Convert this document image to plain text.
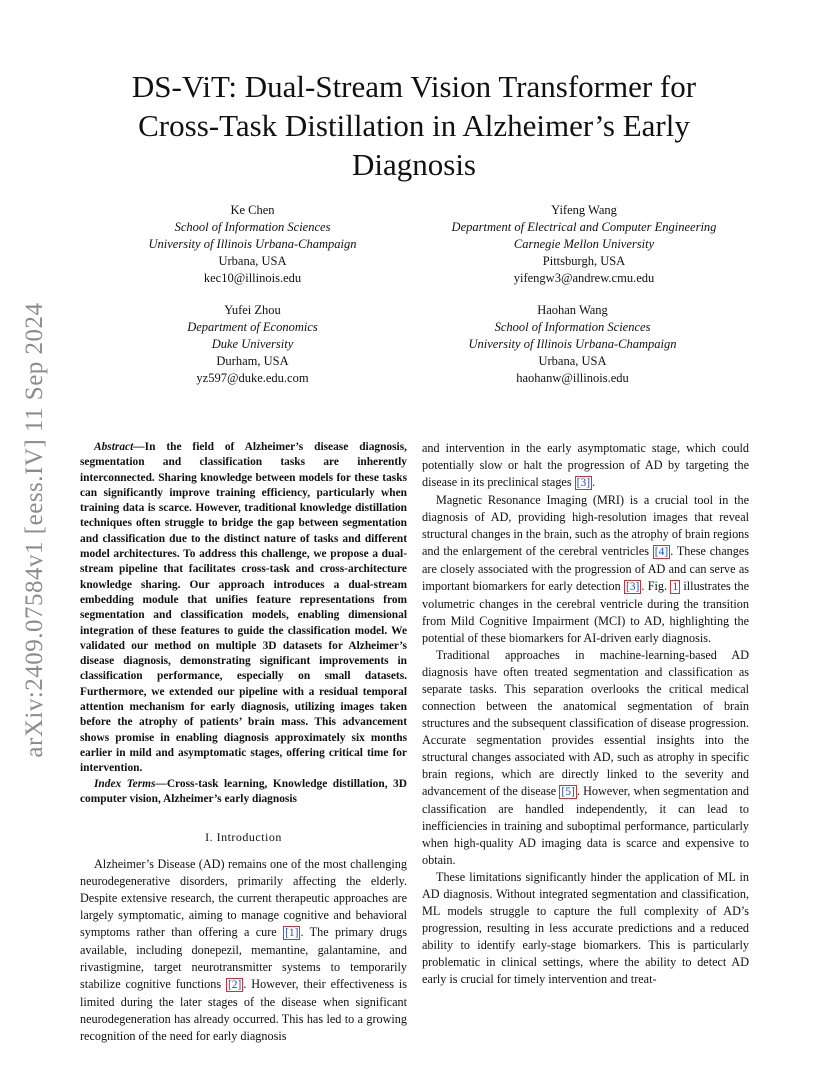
arXiv:2409.07584v1 [eess.IV] 11 Sep 2024
DS-ViT: Dual-Stream Vision Transformer for Cross-Task Distillation in Alzheimer’s Early Diagnosis
Ke Chen
School of Information Sciences
University of Illinois Urbana-Champaign
Urbana, USA
kec10@illinois.edu
Yifeng Wang
Department of Electrical and Computer Engineering
Carnegie Mellon University
Pittsburgh, USA
yifengw3@andrew.cmu.edu
Yufei Zhou
Department of Economics
Duke University
Durham, USA
yz597@duke.edu.com
Haohan Wang
School of Information Sciences
University of Illinois Urbana-Champaign
Urbana, USA
haohanw@illinois.edu

Abstract—In the field of Alzheimer’s disease diagnosis, segmentation and classification tasks are inherently interconnected. Sharing knowledge between models for these tasks can significantly improve training efficiency, particularly when training data is scarce. However, traditional knowledge distillation techniques often struggle to bridge the gap between segmentation and classification due to the distinct nature of tasks and different model architectures. To address this challenge, we propose a dual-stream pipeline that facilitates cross-task and cross-architecture knowledge sharing. Our approach introduces a dual-stream embedding module that unifies feature representations from segmentation and classification models, enabling dimensional integration of these features to guide the classification model. We validated our method on multiple 3D datasets for Alzheimer’s disease diagnosis, demonstrating significant improvements in classification performance, especially on small datasets. Furthermore, we extended our pipeline with a residual temporal attention mechanism for early diagnosis, utilizing images taken before the atrophy of patients’ brain mass. This advancement shows promise in enabling diagnosis approximately six months earlier in mild and asymptomatic stages, offering critical time for intervention.

Index Terms—Cross-task learning, Knowledge distillation, 3D computer vision, Alzheimer’s early diagnosis

I. Introduction

Alzheimer’s Disease (AD) remains one of the most challenging neurodegenerative disorders, primarily affecting the elderly. Despite extensive research, the current therapeutic approaches are largely symptomatic, aiming to manage cognitive and behavioral symptoms rather than offering a cure [1] . The primary drugs available, including donepezil, memantine, galantamine, and rivastigmine, target neurotransmitter systems to temporarily stabilize cognitive functions [2] . However, their effectiveness is limited during the later stages of the disease when significant neurodegeneration has already occurred. This has led to a growing recognition of the need for early diagnosis

and intervention in the early asymptomatic stage, which could potentially slow or halt the progression of AD by targeting the disease in its preclinical stages [3] .

Magnetic Resonance Imaging (MRI) is a crucial tool in the diagnosis of AD, providing high-resolution images that reveal structural changes in the brain, such as the atrophy of brain regions and the enlargement of the cerebral ventricles [4] . These changes are closely associated with the progression of AD and can serve as important biomarkers for early detection [3] . Fig. 1 illustrates the volumetric changes in the cerebral ventricle during the transition from Mild Cognitive Impairment (MCI) to AD, highlighting the potential of these biomarkers for AI-driven early diagnosis.

Traditional approaches in machine-learning-based AD diagnosis have often treated segmentation and classification as separate tasks. This separation overlooks the critical medical connection between the anatomical segmentation of brain structures and the subsequent classification of disease progression. Accurate segmentation provides essential insights into the structural changes associated with AD, such as atrophy in specific brain regions, which are directly linked to the severity and advancement of the disease [5] . However, when segmentation and classification are handled independently, it can lead to inefficiencies in training and suboptimal performance, particularly when high-quality AD imaging data is scarce and expensive to obtain.

These limitations significantly hinder the application of ML in AD diagnosis. Without integrated segmentation and classification, ML models struggle to capture the full complexity of AD’s progression, resulting in less accurate predictions and a reduced ability to identify early-stage biomarkers. This is particularly problematic in clinical settings, where the ability to detect AD early is crucial for timely intervention and treat-
